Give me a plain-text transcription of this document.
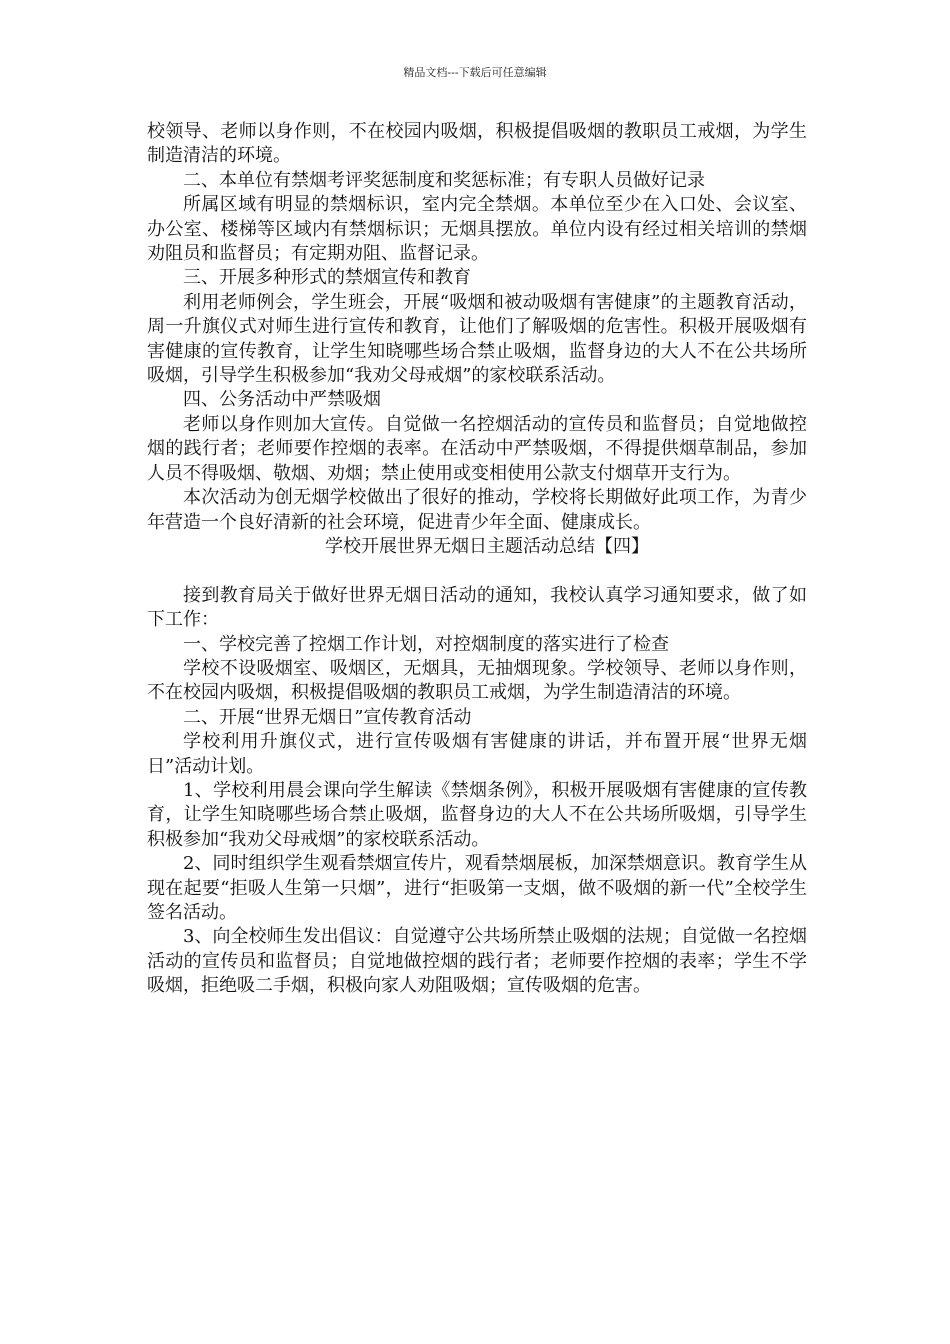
精品文档---下载后可任意编辑

校领导、老师以身作则，不在校园内吸烟，积极提倡吸烟的教职员工戒烟，为学生制造清洁的环境。

二、本单位有禁烟考评奖惩制度和奖惩标准；有专职人员做好记录

所属区域有明显的禁烟标识，室内完全禁烟。本单位至少在入口处、会议室、办公室、楼梯等区域内有禁烟标识；无烟具摆放。单位内设有经过相关培训的禁烟劝阻员和监督员；有定期劝阻、监督记录。

三、开展多种形式的禁烟宣传和教育

利用老师例会，学生班会，开展“吸烟和被动吸烟有害健康”的主题教育活动，周一升旗仪式对师生进行宣传和教育，让他们了解吸烟的危害性。积极开展吸烟有害健康的宣传教育，让学生知晓哪些场合禁止吸烟，监督身边的大人不在公共场所吸烟，引导学生积极参加“我劝父母戒烟”的家校联系活动。

四、公务活动中严禁吸烟

老师以身作则加大宣传。自觉做一名控烟活动的宣传员和监督员；自觉地做控烟的践行者；老师要作控烟的表率。在活动中严禁吸烟，不得提供烟草制品，参加人员不得吸烟、敬烟、劝烟；禁止使用或变相使用公款支付烟草开支行为。

本次活动为创无烟学校做出了很好的推动，学校将长期做好此项工作，为青少年营造一个良好清新的社会环境，促进青少年全面、健康成长。

学校开展世界无烟日主题活动总结【四】

接到教育局关于做好世界无烟日活动的通知，我校认真学习通知要求，做了如下工作：

一、学校完善了控烟工作计划，对控烟制度的落实进行了检查

学校不设吸烟室、吸烟区，无烟具，无抽烟现象。学校领导、老师以身作则，不在校园内吸烟，积极提倡吸烟的教职员工戒烟，为学生制造清洁的环境。

二、开展“世界无烟日”宣传教育活动

学校利用升旗仪式，进行宣传吸烟有害健康的讲话，并布置开展“世界无烟日”活动计划。

1、学校利用晨会课向学生解读《禁烟条例》，积极开展吸烟有害健康的宣传教育，让学生知晓哪些场合禁止吸烟，监督身边的大人不在公共场所吸烟，引导学生积极参加“我劝父母戒烟”的家校联系活动。

2、同时组织学生观看禁烟宣传片，观看禁烟展板，加深禁烟意识。教育学生从现在起要“拒吸人生第一只烟”，进行“拒吸第一支烟，做不吸烟的新一代”全校学生签名活动。

3、向全校师生发出倡议：自觉遵守公共场所禁止吸烟的法规；自觉做一名控烟活动的宣传员和监督员；自觉地做控烟的践行者；老师要作控烟的表率；学生不学吸烟，拒绝吸二手烟，积极向家人劝阻吸烟；宣传吸烟的危害。
